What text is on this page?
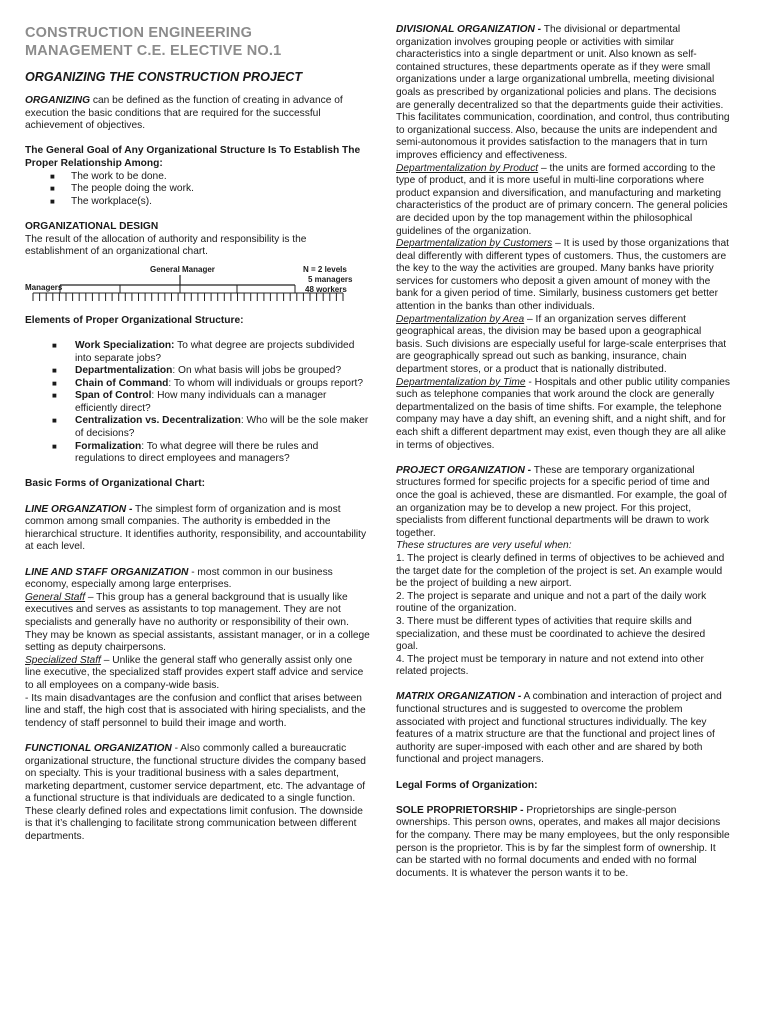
CONSTRUCTION ENGINEERING
MANAGEMENT C.E. ELECTIVE NO.1
ORGANIZING THE CONSTRUCTION PROJECT

ORGANIZING can be defined as the function of creating in advance of execution the basic conditions that are required for the successful achievement of objectives.

The General Goal of Any Organizational Structure Is To Establish The Proper Relationship Among:

■ The work to be done.
■ The people doing the work.
■ The workplace(s).

ORGANIZATIONAL DESIGN

The result of the allocation of authority and responsibility is the establishment of an organizational chart.

General Manager
Managers
N = 2 levels
5 managers
48 workers

Elements of Proper Organizational Structure:

■ Work Specialization: To what degree are projects subdivided into separate jobs?
■ Departmentalization: On what basis will jobs be grouped?
■ Chain of Command: To whom will individuals or groups report?
■ Span of Control: How many individuals can a manager efficiently direct?
■ Centralization vs. Decentralization: Who will be the sole maker of decisions?
■ Formalization: To what degree will there be rules and regulations to direct employees and managers?

Basic Forms of Organizational Chart:

LINE ORGANZATION - The simplest form of organization and is most common among small companies. The authority is embedded in the hierarchical structure. It identifies authority, responsibility, and accountability at each level.

LINE AND STAFF ORGANIZATION - most common in our business economy, especially among large enterprises.

General Staff – This group has a general background that is usually like executives and serves as assistants to top management. They are not specialists and generally have no authority or responsibility of their own. They may be known as special assistants, assistant manager, or in a college setting as deputy chairpersons.

Specialized Staff – Unlike the general staff who generally assist only one line executive, the specialized staff provides expert staff advice and service to all employees on a company-wide basis.

- Its main disadvantages are the confusion and conflict that arises between line and staff, the high cost that is associated with hiring specialists, and the tendency of staff personnel to build their image and worth.

FUNCTIONAL ORGANIZATION - Also commonly called a bureaucratic organizational structure, the functional structure divides the company based on specialty. This is your traditional business with a sales department, marketing department, customer service department, etc. The advantage of a functional structure is that individuals are dedicated to a single function. These clearly defined roles and expectations limit confusion. The downside is that it’s challenging to facilitate strong communication between different departments.

DIVISIONAL ORGANIZATION - The divisional or departmental organization involves grouping people or activities with similar characteristics into a single department or unit. Also known as self-contained structures, these departments operate as if they were small organizations under a large organizational umbrella, meeting divisional goals as prescribed by organizational policies and plans. The decisions are generally decentralized so that the departments guide their activities. This facilitates communication, coordination, and control, thus contributing to organizational success. Also, because the units are independent and semi-autonomous it provides satisfaction to the managers that in turn improves efficiency and effectiveness.

Departmentalization by Product – the units are formed according to the type of product, and it is more useful in multi-line corporations where product expansion and diversification, and manufacturing and marketing characteristics of the product are of primary concern. The general policies are decided upon by the top management within the philosophical guidelines of the organization.

Departmentalization by Customers – It is used by those organizations that deal differently with different types of customers. Thus, the customers are the key to the way the activities are grouped. Many banks have priority services for customers who deposit a given amount of money with the bank for a given period of time. Similarly, business customers get better attention in the banks than other individuals.

Departmentalization by Area – If an organization serves different geographical areas, the division may be based upon a geographical basis. Such divisions are especially useful for large-scale enterprises that are geographically spread out such as banking, insurance, chain department stores, or a product that is nationally distributed.

Departmentalization by Time - Hospitals and other public utility companies such as telephone companies that work around the clock are generally departmentalized on the basis of time shifts. For example, the telephone company may have a day shift, an evening shift, and a night shift, and for each shift a different department may exist, even though they are all alike in terms of objectives.

PROJECT ORGANIZATION - These are temporary organizational structures formed for specific projects for a specific period of time and once the goal is achieved, these are dismantled. For example, the goal of an organization may be to develop a new project. For this project, specialists from different functional departments will be drawn to work together.

These structures are very useful when:

1. The project is clearly defined in terms of objectives to be achieved and the target date for the completion of the project is set. An example would be the project of building a new airport.

2. The project is separate and unique and not a part of the daily work routine of the organization.

3. There must be different types of activities that require skills and specialization, and these must be coordinated to achieve the desired goal.

4. The project must be temporary in nature and not extend into other related projects.

MATRIX ORGANIZATION - A combination and interaction of project and functional structures and is suggested to overcome the problem associated with project and functional structures individually. The key features of a matrix structure are that the functional and project lines of authority are super-imposed with each other and are shared by both functional and project managers.

Legal Forms of Organization:

SOLE PROPRIETORSHIP - Proprietorships are single-person ownerships. This person owns, operates, and makes all major decisions for the company. There may be many employees, but the only responsible person is the proprietor. This is by far the simplest form of ownership. It can be started with no formal documents and ended with no formal documents. It is whatever the person wants it to be.
